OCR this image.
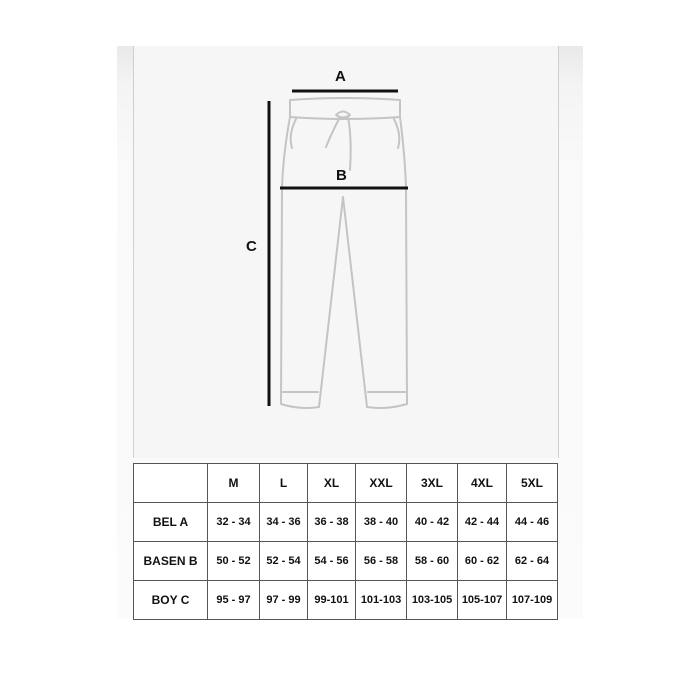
A
B
C
	M	L	XL	XXL	3XL	4XL	5XL
BEL A	32 - 34	34 - 36	36 - 38	38 - 40	40 - 42	42 - 44	44 - 46
BASEN B	50 - 52	52 - 54	54 - 56	56 - 58	58 - 60	60 - 62	62 - 64
BOY C	95 - 97	97 - 99	99-101	101-103	103-105	105-107	107-109
